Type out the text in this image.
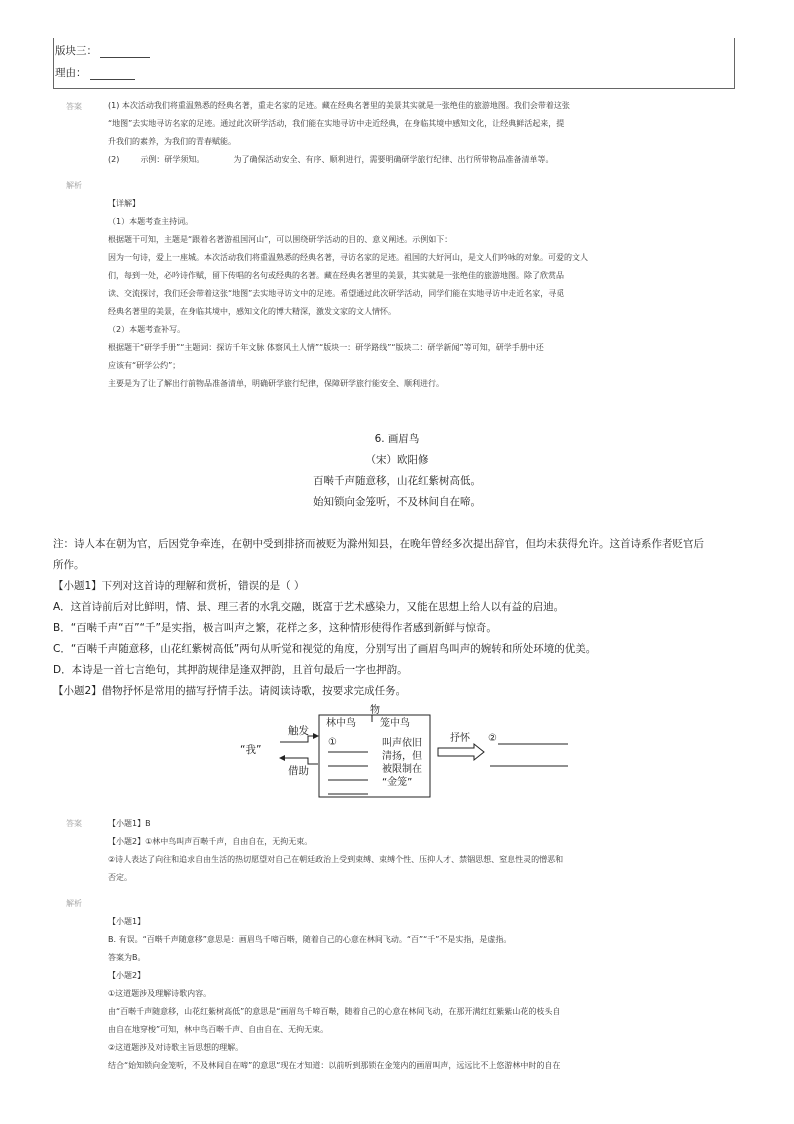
版块三：
理由：
答案	(1) 本次活动我们将重温熟悉的经典名著，重走名家的足迹。藏在经典名著里的美景其实就是一张绝佳的旅游地图。我们会带着这张
“地图”去实地寻访名家的足迹。通过此次研学活动，我们能在实地寻访中走近经典，在身临其境中感知文化，让经典鲜活起来，提
升我们的素养，为我们的青春赋能。
(2)	示例：研学须知。	为了确保活动安全、有序、顺利进行，需要明确研学旅行纪律、出行所带物品准备清单等。
解析
【详解】
（1）本题考查主持词。
根据题干可知，主题是“跟着名著游祖国河山”，可以围绕研学活动的目的、意义阐述。示例如下：
因为一句诗，爱上一座城。本次活动我们将重温熟悉的经典名著，寻访名家的足迹。祖国的大好河山，是文人们吟咏的对象。可爱的文人
们，每到一处，必吟诗作赋，留下传唱的名句或经典的名著。藏在经典名著里的美景，其实就是一张绝佳的旅游地图。除了欣赏品
读、交流探讨，我们还会带着这张“地图”去实地寻访文中的足迹。希望通过此次研学活动，同学们能在实地寻访中走近名家，寻觅
经典名著里的美景，在身临其境中，感知文化的博大精深，激发文家的文人情怀。
（2）本题考查补写。
根据题干“研学手册”“主题词：探访千年文脉 体察风土人情”“版块一：研学路线”“版块二：研学新闻”等可知，研学手册中还
应该有“研学公约”；
主要是为了让了解出行前物品准备清单，明确研学旅行纪律，保障研学旅行能安全、顺利进行。
6. 画眉鸟
（宋）欧阳修
百啭千声随意移，山花红紫树高低。
始知锁向金笼听，不及林间自在啼。
注：诗人本在朝为官，后因党争牵连，在朝中受到排挤而被贬为滁州知县，在晚年曾经多次提出辞官，但均未获得允许。这首诗系作者贬官后
所作。
【小题1】下列对这首诗的理解和赏析，错误的是（ ）
A．这首诗前后对比鲜明，情、景、理三者的水乳交融，既富于艺术感染力，又能在思想上给人以有益的启迪。
B．“百啭千声“百”“千”是实指，极言叫声之繁，花样之多，这种情形使得作者感到新鲜与惊奇。
C．“百啭千声随意移，山花红紫树高低”两句从听觉和视觉的角度，分别写出了画眉鸟叫声的婉转和所处环境的优美。
D．本诗是一首七言绝句，其押韵规律是逢双押韵，且首句最后一字也押韵。
【小题2】借物抒怀是常用的描写抒情手法。请阅读诗歌，按要求完成任务。
“我”
触发
借助
物
林中鸟 笼中鸟
①	叫声依旧
清扬，但
被限制在
“金笼”
抒怀 ②
答案	【小题1】B
【小题2】①林中鸟叫声百啭千声，自由自在，无拘无束。
②诗人表达了向往和追求自由生活的热切愿望对自己在朝廷政治上受到束缚、束缚个性、压抑人才、禁锢思想、窒息性灵的憎恶和
否定。
解析
【小题1】
B. 有误。“百啭千声随意移”意思是：画眉鸟千啼百啭，随着自己的心意在林间飞动。“百”“千”不是实指，是虚指。
答案为B。
【小题2】
①这道题涉及理解诗歌内容。
由“百啭千声随意移，山花红紫树高低”的意思是“画眉鸟千啼百啭，随着自己的心意在林间飞动，在那开满红红紫紫山花的枝头自
由自在地穿梭”可知，林中鸟百啭千声、自由自在、无拘无束。
②这道题涉及对诗歌主旨思想的理解。
结合“始知锁向金笼听，不及林间自在啼”的意思“现在才知道：以前听到那锁在金笼内的画眉叫声，远远比不上悠游林中时的自在
